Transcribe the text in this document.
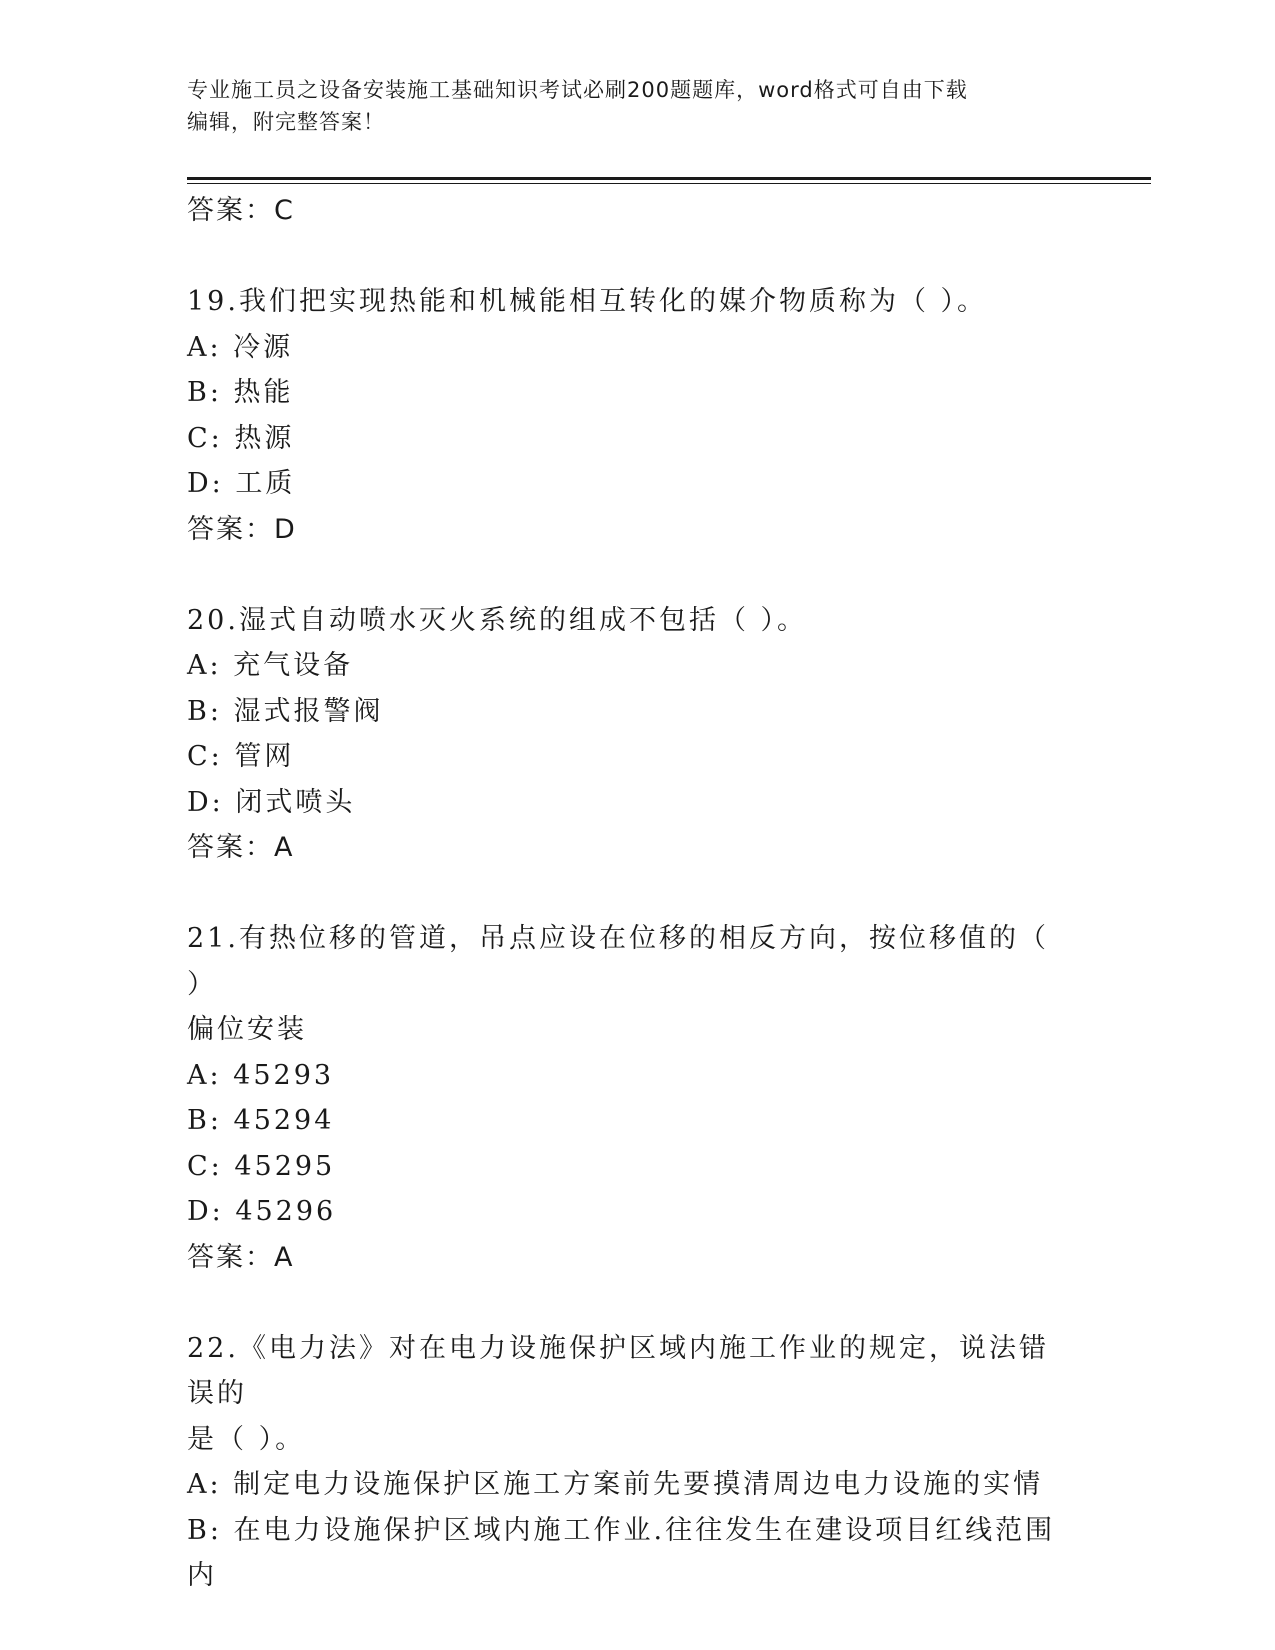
专业施工员之设备安装施工基础知识考试必刷200题题库，word格式可自由下载
编辑，附完整答案！
答案：C
19.我们把实现热能和机械能相互转化的媒介物质称为（ ）。
A: 冷源
B: 热能
C: 热源
D: 工质
答案：D
20.湿式自动喷水灭火系统的组成不包括（ ）。
A: 充气设备
B: 湿式报警阀
C: 管网
D: 闭式喷头
答案：A
21.有热位移的管道，吊点应设在位移的相反方向，按位移值的（ ）
偏位安装
A: 45293
B: 45294
C: 45295
D: 45296
答案：A
22.《电力法》对在电力设施保护区域内施工作业的规定，说法错误的
是（ ）。
A: 制定电力设施保护区施工方案前先要摸清周边电力设施的实情
B: 在电力设施保护区域内施工作业.往往发生在建设项目红线范围内
